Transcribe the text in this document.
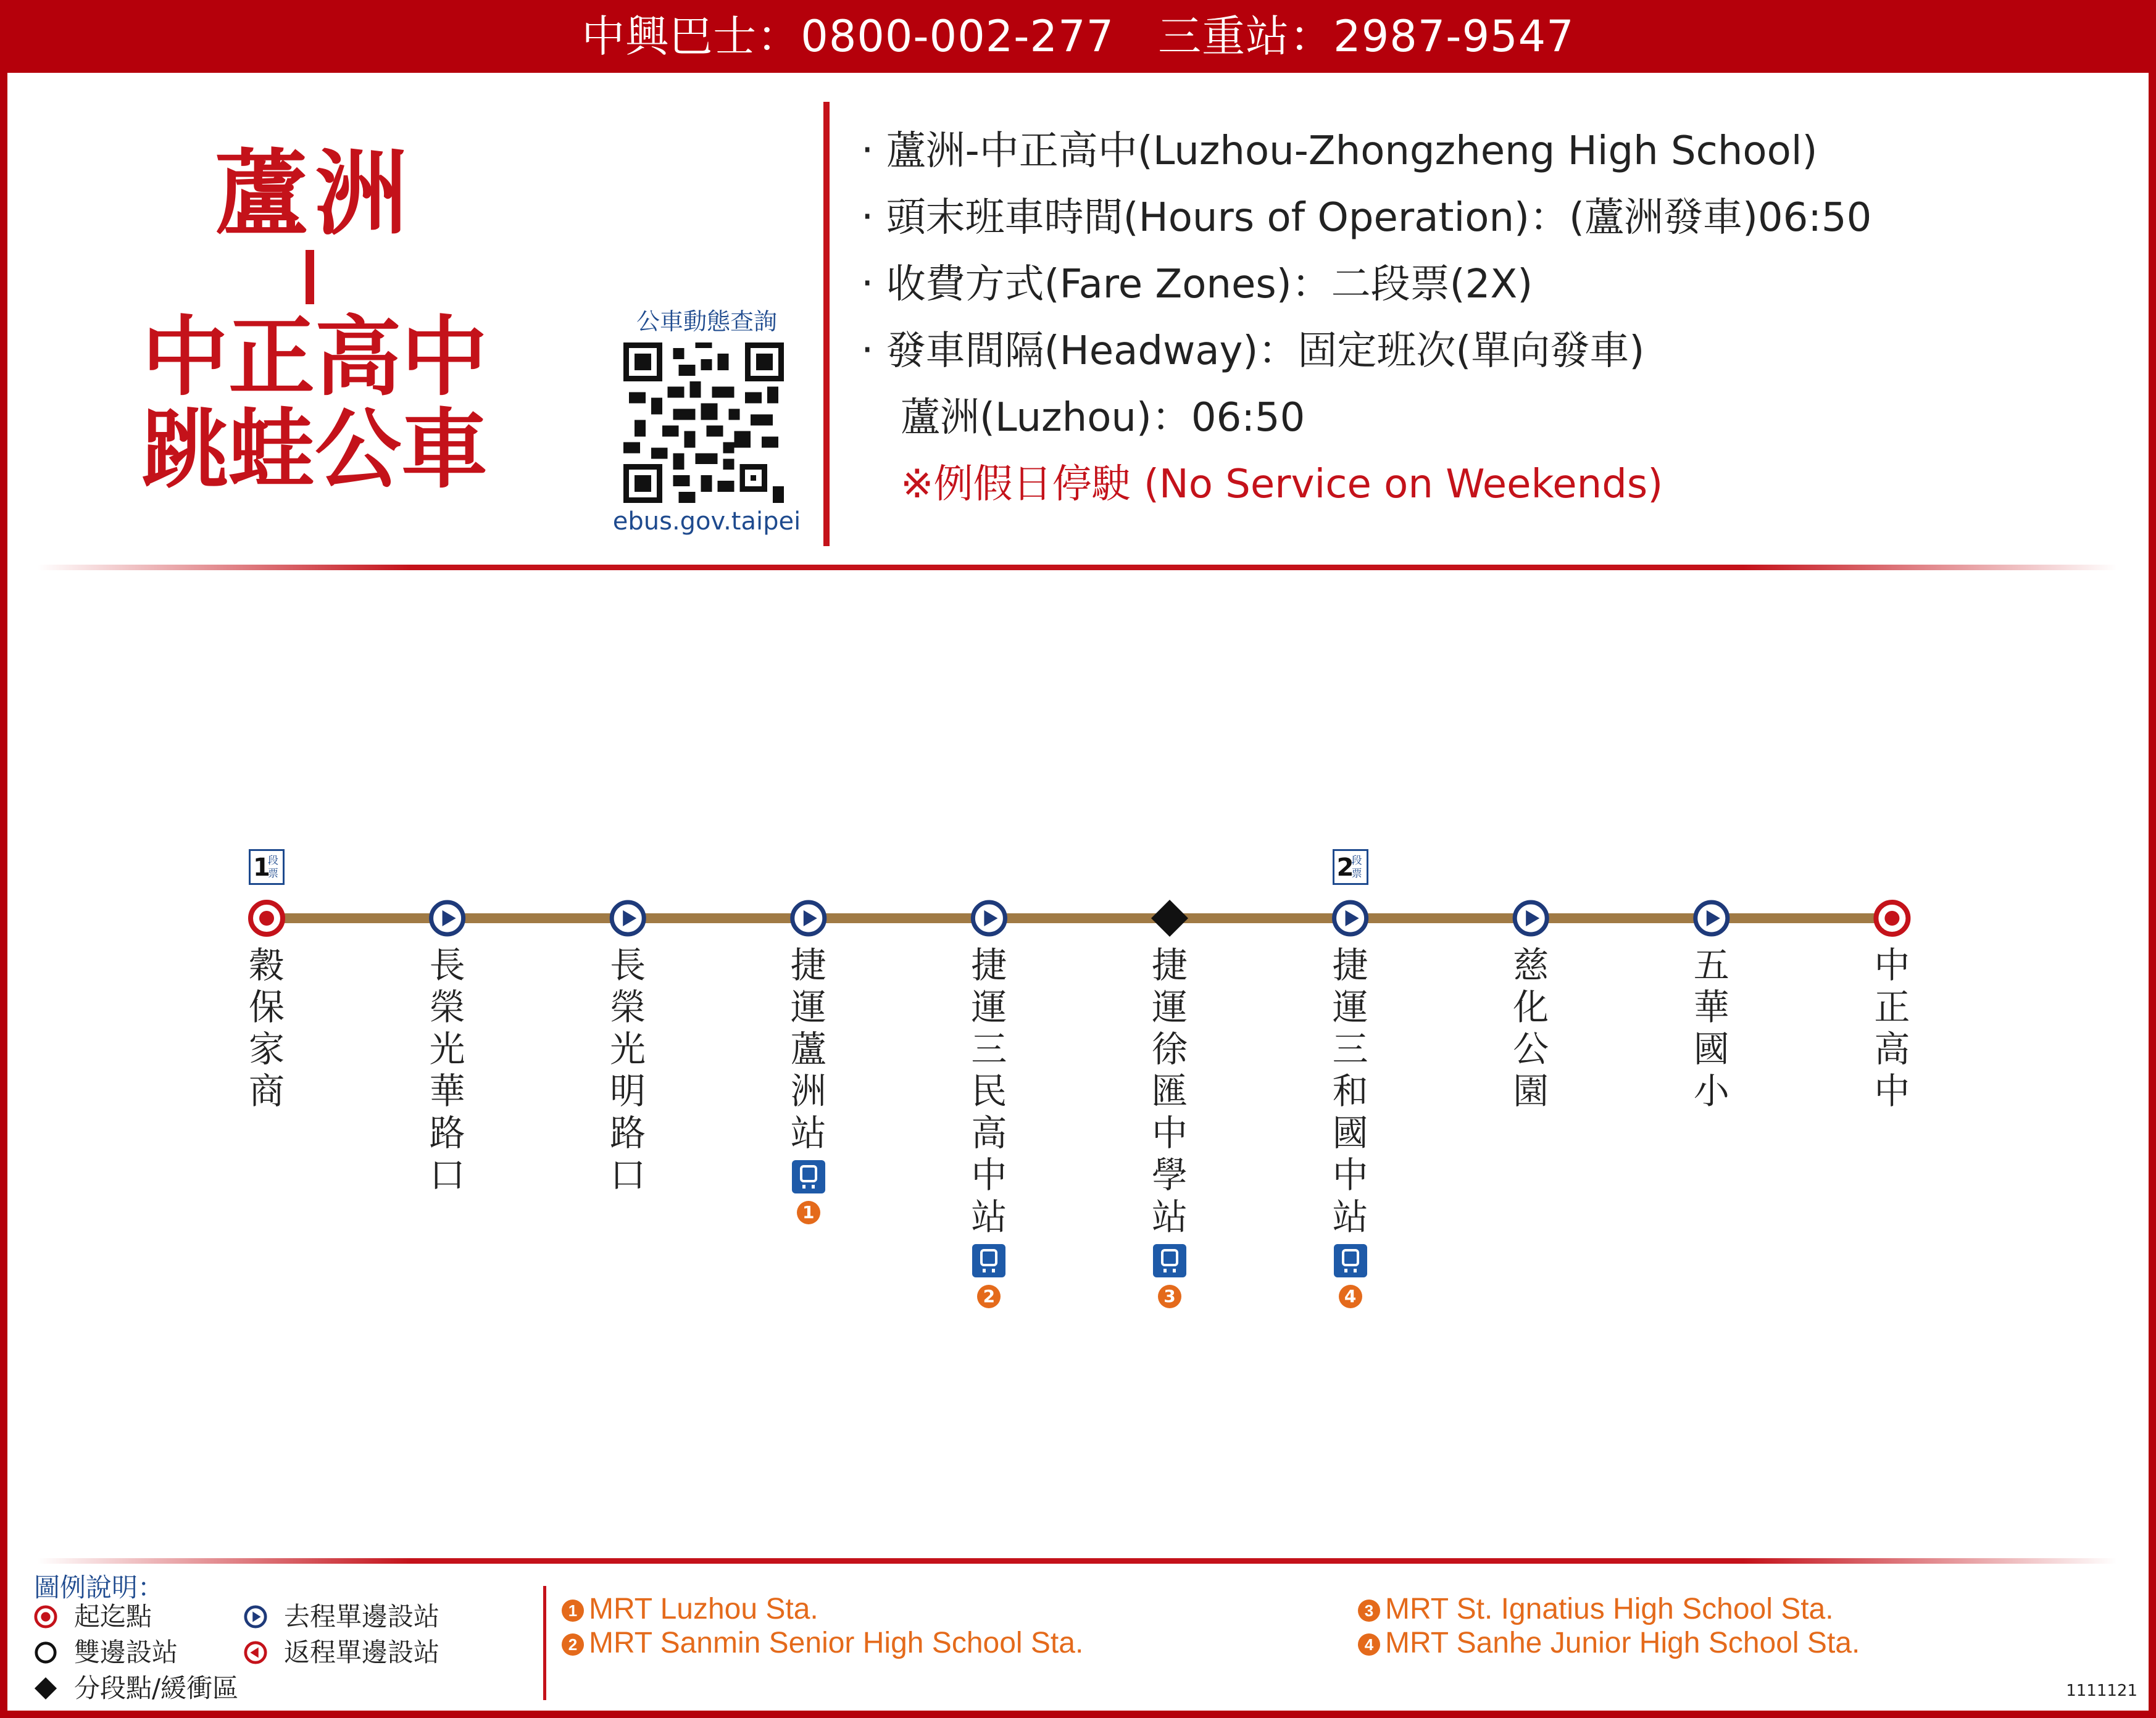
中興巴士：0800-002-277　三重站：2987-9547
蘆洲
中正高中
跳蛙公車
公車動態查詢
ebus.gov.taipei
‧ 蘆洲-中正高中(Luzhou-Zhongzheng High School)
‧ 頭末班車時間(Hours of Operation)：(蘆洲發車)06:50
‧ 收費方式(Fare Zones)：二段票(2X)
‧ 發車間隔(Headway)：固定班次(單向發車)
　蘆洲(Luzhou)：06:50
　※例假日停駛 (No Service on Weekends)
穀
保
家
商
1
段票
長
榮
光
華
路
口
長
榮
光
明
路
口
捷
運
蘆
洲
站
1
捷
運
三
民
高
中
站
2
捷
運
徐
匯
中
學
站
3
捷
運
三
和
國
中
站
4
2
段票
慈
化
公
園
五
華
國
小
中
正
高
中
圖例說明：
起迄點
雙邊設站
分段點/緩衝區
去程單邊設站
返程單邊設站
1 MRT Luzhou Sta.
2 MRT Sanmin Senior High School Sta.
3 MRT St. Ignatius High School Sta.
4 MRT Sanhe Junior High School Sta.
1111121
